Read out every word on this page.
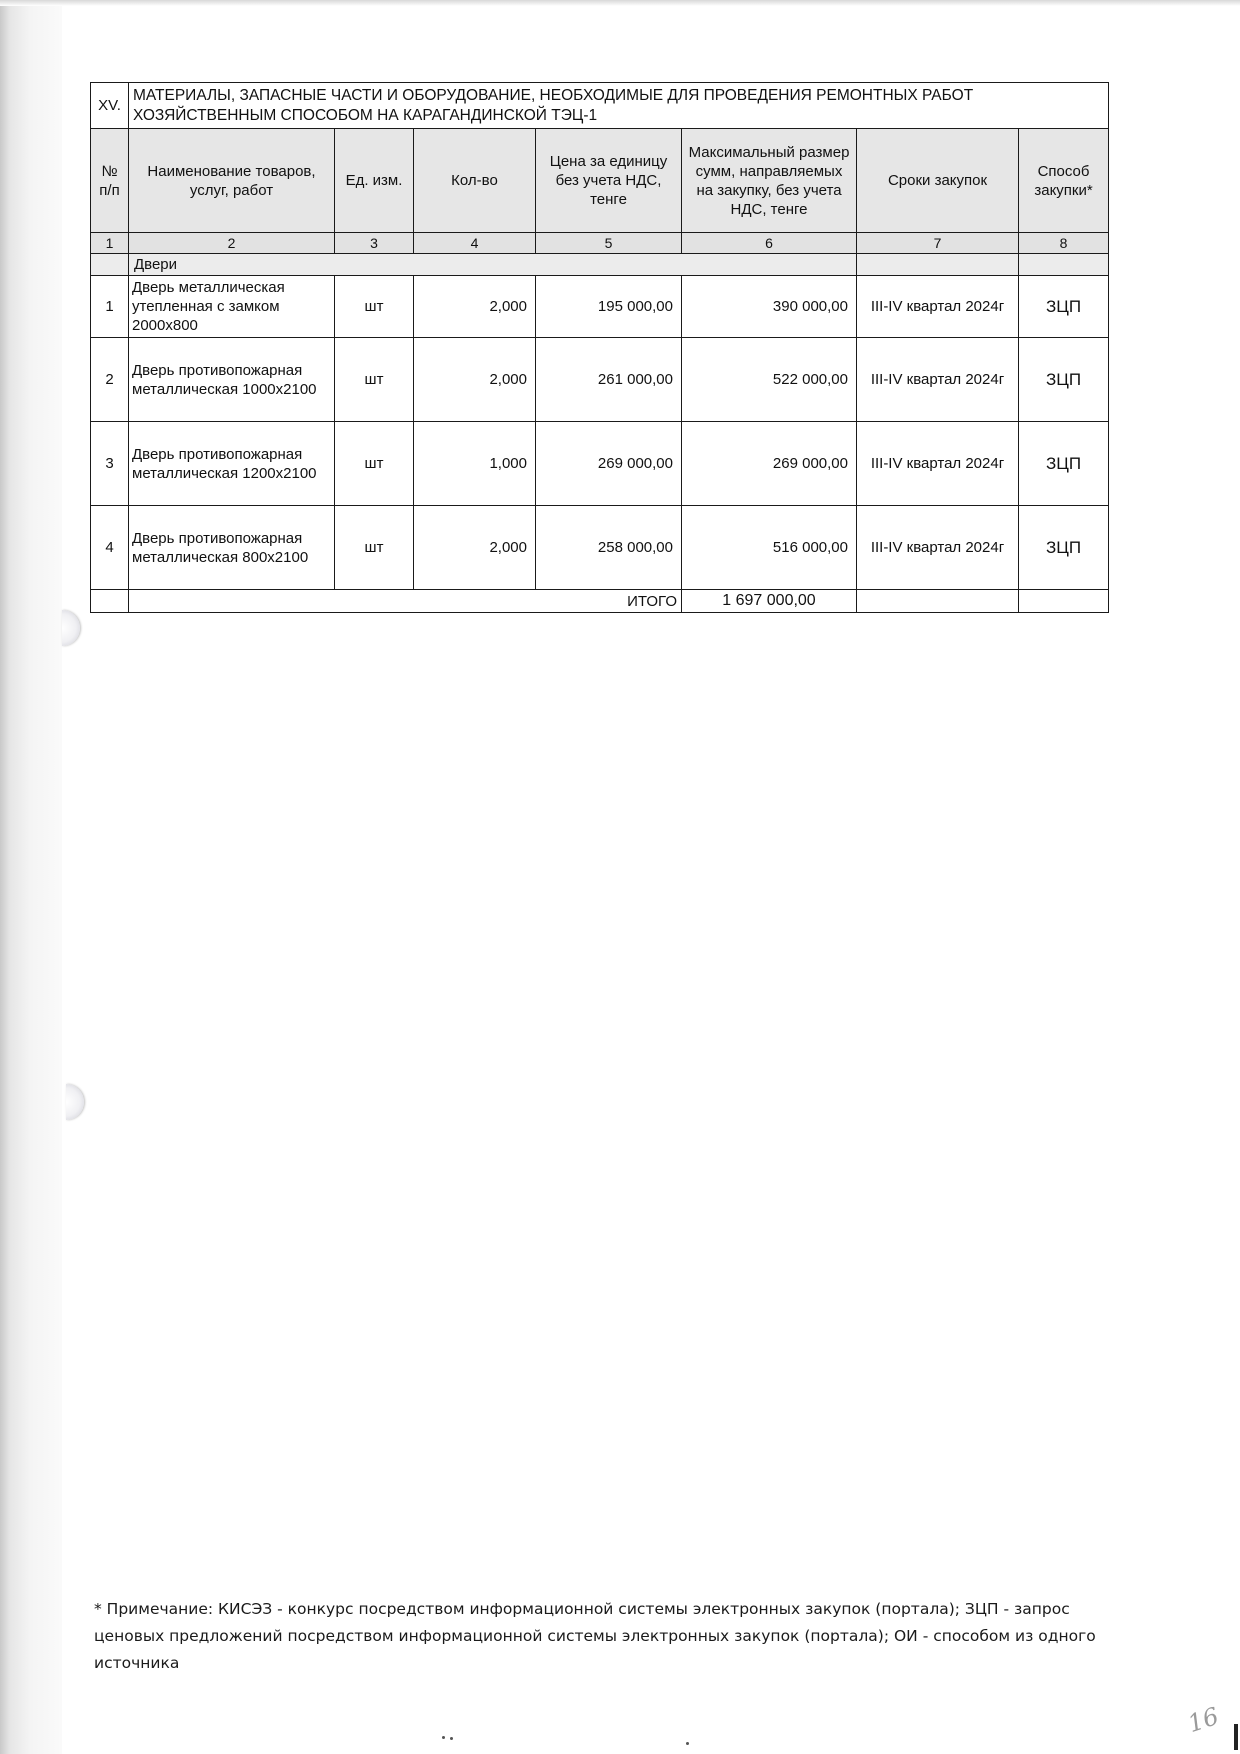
XV.	МАТЕРИАЛЫ, ЗАПАСНЫЕ ЧАСТИ И ОБОРУДОВАНИЕ, НЕОБХОДИМЫЕ ДЛЯ ПРОВЕДЕНИЯ РЕМОНТНЫХ РАБОТ ХОЗЯЙСТВЕННЫМ СПОСОБОМ НА КАРАГАНДИНСКОЙ ТЭЦ-1						
№ п/п	Наименование товаров, услуг, работ	Ед. изм.	Кол-во	Цена за единицу без учета НДС, тенге	Максимальный размер сумм, направляемых на закупку, без учета НДС, тенге	Сроки закупок	Способ закупки*
1	2	3	4	5	6	7	8
	Двери						
1	Дверь металлическая утепленная с замком 2000х800	шт	2,000	195 000,00	390 000,00	III-IV квартал 2024г	ЗЦП
2	Дверь противопожарная металлическая 1000х2100	шт	2,000	261 000,00	522 000,00	III-IV квартал 2024г	ЗЦП
3	Дверь противопожарная металлическая 1200х2100	шт	1,000	269 000,00	269 000,00	III-IV квартал 2024г	ЗЦП
4	Дверь противопожарная металлическая 800х2100	шт	2,000	258 000,00	516 000,00	III-IV квартал 2024г	ЗЦП
	ИТОГО				1 697 000,00		
* Примечание: КИСЭЗ - конкурс посредством информационной системы электронных закупок (портала); ЗЦП - запрос ценовых предложений посредством информационной системы электронных закупок (портала); ОИ - способом из одного источника
16
